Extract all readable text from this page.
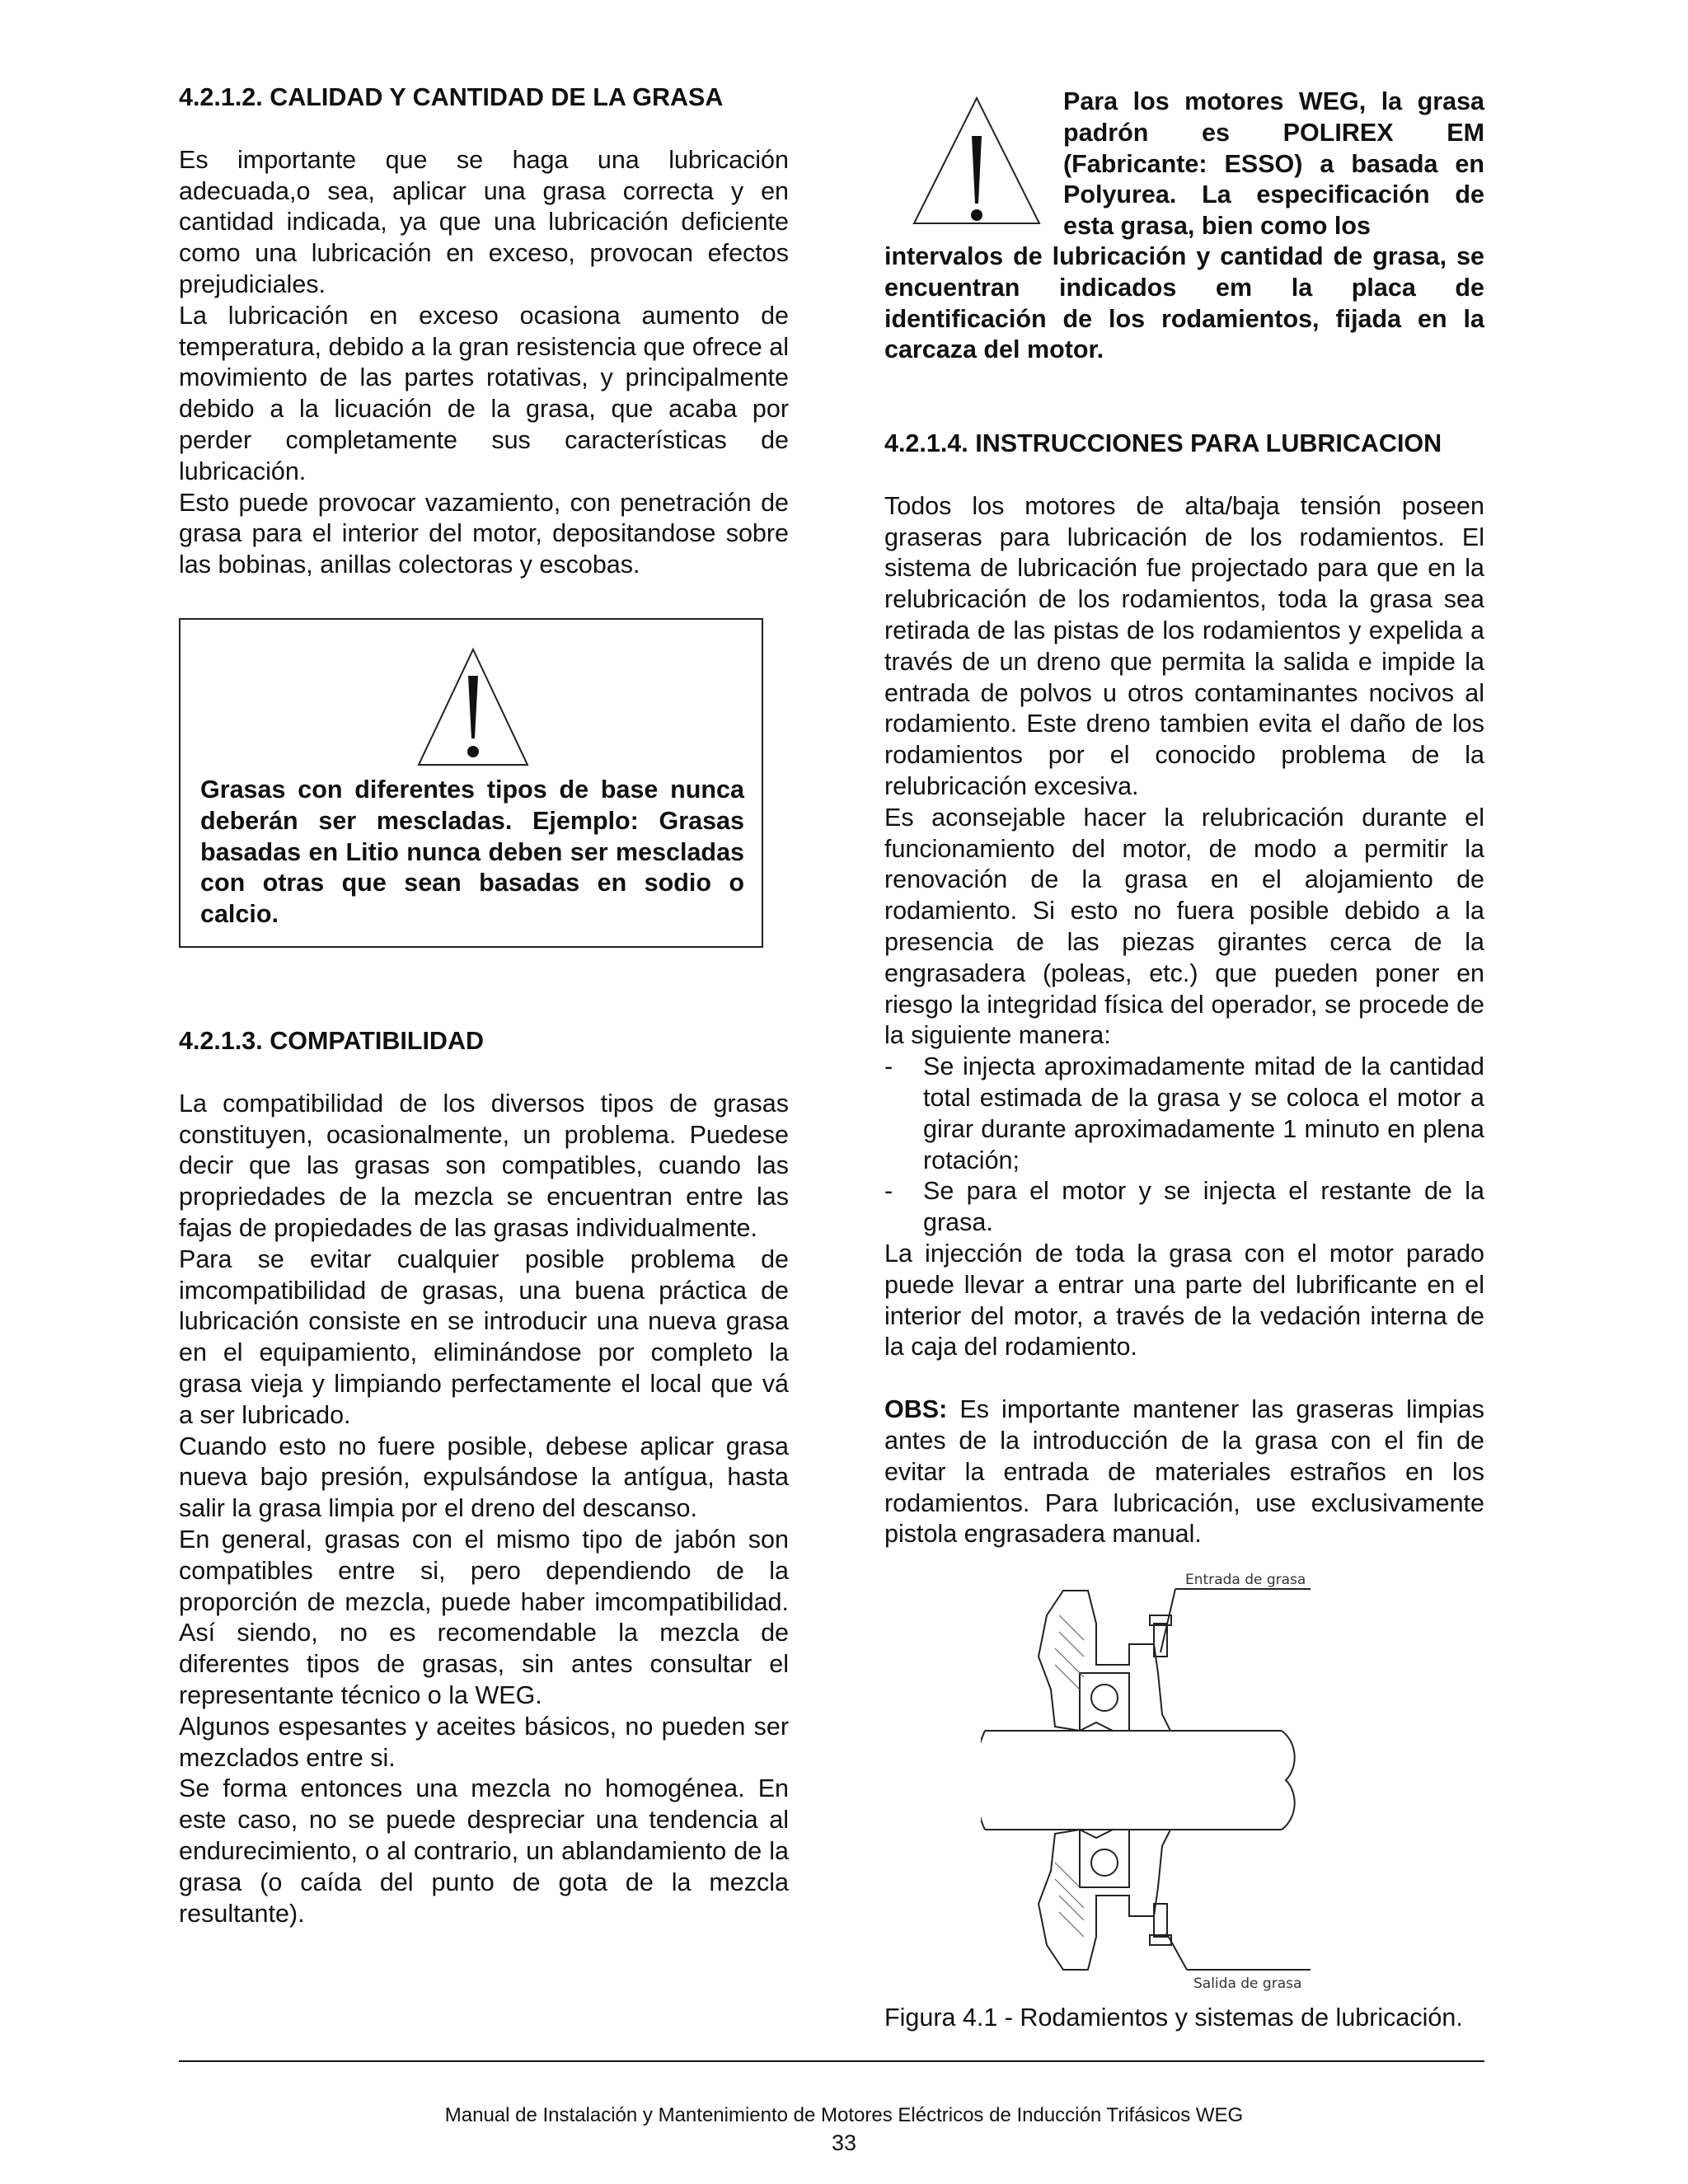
4.2.1.2. CALIDAD Y CANTIDAD DE LA GRASA

Es importante que se haga una lubricación adecuada,o sea, aplicar una grasa correcta y en cantidad indicada, ya que una lubricación deficiente como una lubricación en exceso, provocan efectos prejudiciales.

La lubricación en exceso ocasiona aumento de temperatura, debido a la gran resistencia que ofrece al movimiento de las partes rotativas, y principalmente debido a la licuación de la grasa, que acaba por perder completamente sus características de lubricación.

Esto puede provocar vazamiento, con penetración de grasa para el interior del motor, depositandose sobre las bobinas, anillas colectoras y escobas.

Grasas con diferentes tipos de base nunca deberán ser mescladas. Ejemplo: Grasas basadas en Litio nunca deben ser mescladas con otras que sean basadas en sodio o calcio.

4.2.1.3. COMPATIBILIDAD

La compatibilidad de los diversos tipos de grasas constituyen, ocasionalmente, un problema. Puedese decir que las grasas son compatibles, cuando las propriedades de la mezcla se encuentran entre las fajas de propiedades de las grasas individualmente.

Para se evitar cualquier posible problema de imcompatibilidad de grasas, una buena práctica de lubricación consiste en se introducir una nueva grasa en el equipamiento, eliminándose por completo la grasa vieja y limpiando perfectamente el local que vá a ser lubricado.

Cuando esto no fuere posible, debese aplicar grasa nueva bajo presión, expulsándose la antígua, hasta salir la grasa limpia por el dreno del descanso.

En general, grasas con el mismo tipo de jabón son compatibles entre si, pero dependiendo de la proporción de mezcla, puede haber imcompatibilidad. Así siendo, no es recomendable la mezcla de diferentes tipos de grasas, sin antes consultar el representante técnico o la WEG.

Algunos espesantes y aceites básicos, no pueden ser mezclados entre si.

Se forma entonces una mezcla no homogénea. En este caso, no se puede despreciar una tendencia al endurecimiento, o al contrario, un ablandamiento de la grasa (o caída del punto de gota de la mezcla resultante).

Para los motores WEG, la grasa padrón es POLIREX EM (Fabricante: ESSO) a basada en Polyurea. La especificación de esta grasa, bien como los

intervalos de lubricación y cantidad de grasa, se encuentran indicados em la placa de identificación de los rodamientos, fijada en la carcaza del motor.

4.2.1.4. INSTRUCCIONES PARA LUBRICACION

Todos los motores de alta/baja tensión poseen graseras para lubricación de los rodamientos. El sistema de lubricación fue projectado para que en la relubricación de los rodamientos, toda la grasa sea retirada de las pistas de los rodamientos y expelida a través de un dreno que permita la salida e impide la entrada de polvos u otros contaminantes nocivos al rodamiento. Este dreno tambien evita el daño de los rodamientos por el conocido problema de la relubricación excesiva.

Es aconsejable hacer la relubricación durante el funcionamiento del motor, de modo a permitir la renovación de la grasa en el alojamiento de rodamiento. Si esto no fuera posible debido a la presencia de las piezas girantes cerca de la engrasadera (poleas, etc.) que pueden poner en riesgo la integridad física del operador, se procede de la siguiente manera:

- Se injecta aproximadamente mitad de la cantidad total estimada de la grasa y se coloca el motor a girar durante aproximadamente 1 minuto en plena rotación;
- Se para el motor y se injecta el restante de la grasa.

La injección de toda la grasa con el motor parado puede llevar a entrar una parte del lubrificante en el interior del motor, a través de la vedación interna de la caja del rodamiento.

OBS: Es importante mantener las graseras limpias antes de la introducción de la grasa con el fin de evitar la entrada de materiales estraños en los rodamientos. Para lubricación, use exclusivamente pistola engrasadera manual.

Entrada de grasa
Salida de grasa

Figura 4.1 - Rodamientos y sistemas de lubricación.

Manual de Instalación y Mantenimiento de Motores Eléctricos de Inducción Trifásicos WEG
33
